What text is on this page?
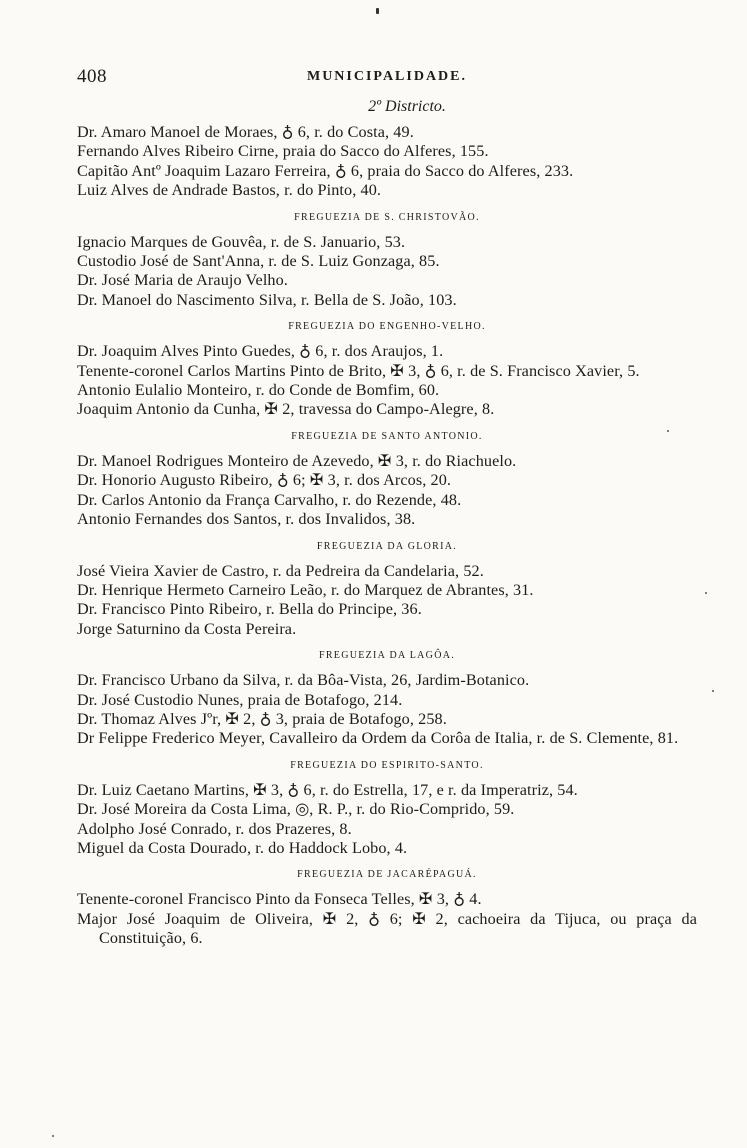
408	MUNICIPALIDADE.
2º Districto.
Dr. Amaro Manoel de Moraes, ♁ 6, r. do Costa, 49.
Fernando Alves Ribeiro Cirne, praia do Sacco do Alferes, 155.
Capitão Antº Joaquim Lazaro Ferreira, ♁ 6, praia do Sacco do Alferes, 233.
Luiz Alves de Andrade Bastos, r. do Pinto, 40.
FREGUEZIA DE S. CHRISTOVÃO.
Ignacio Marques de Gouvêa, r. de S. Januario, 53.
Custodio José de Sant'Anna, r. de S. Luiz Gonzaga, 85.
Dr. José Maria de Araujo Velho.
Dr. Manoel do Nascimento Silva, r. Bella de S. João, 103.
FREGUEZIA DO ENGENHO-VELHO.
Dr. Joaquim Alves Pinto Guedes, ♁ 6, r. dos Araujos, 1.
Tenente-coronel Carlos Martins Pinto de Brito, ✠ 3, ♁ 6, r. de S. Francisco Xavier, 5.
Antonio Eulalio Monteiro, r. do Conde de Bomfim, 60.
Joaquim Antonio da Cunha, ✠ 2, travessa do Campo-Alegre, 8.
FREGUEZIA DE SANTO ANTONIO.
Dr. Manoel Rodrigues Monteiro de Azevedo, ✠ 3, r. do Riachuelo.
Dr. Honorio Augusto Ribeiro, ♁ 6; ✠ 3, r. dos Arcos, 20.
Dr. Carlos Antonio da França Carvalho, r. do Rezende, 48.
Antonio Fernandes dos Santos, r. dos Invalidos, 38.
FREGUEZIA DA GLORIA.
José Vieira Xavier de Castro, r. da Pedreira da Candelaria, 52.
Dr. Henrique Hermeto Carneiro Leão, r. do Marquez de Abrantes, 31.
Dr. Francisco Pinto Ribeiro, r. Bella do Principe, 36.
Jorge Saturnino da Costa Pereira.
FREGUEZIA DA LAGÔA.
Dr. Francisco Urbano da Silva, r. da Bôa-Vista, 26, Jardim-Botanico.
Dr. José Custodio Nunes, praia de Botafogo, 214.
Dr. Thomaz Alves Jºr, ✠ 2, ♁ 3, praia de Botafogo, 258.
Dr Felippe Frederico Meyer, Cavalleiro da Ordem da Corôa de Italia, r. de S. Clemente, 81.
FREGUEZIA DO ESPIRITO-SANTO.
Dr. Luiz Caetano Martins, ✠ 3, ♁ 6, r. do Estrella, 17, e r. da Imperatriz, 54.
Dr. José Moreira da Costa Lima, ◎, R. P., r. do Rio-Comprido, 59.
Adolpho José Conrado, r. dos Prazeres, 8.
Miguel da Costa Dourado, r. do Haddock Lobo, 4.
FREGUEZIA DE JACARÉPAGUÁ.
Tenente-coronel Francisco Pinto da Fonseca Telles, ✠ 3, ♁ 4.
Major José Joaquim de Oliveira, ✠ 2, ♁ 6; ✠ 2, cachoeira da Tijuca, ou praça da Constituição, 6.
